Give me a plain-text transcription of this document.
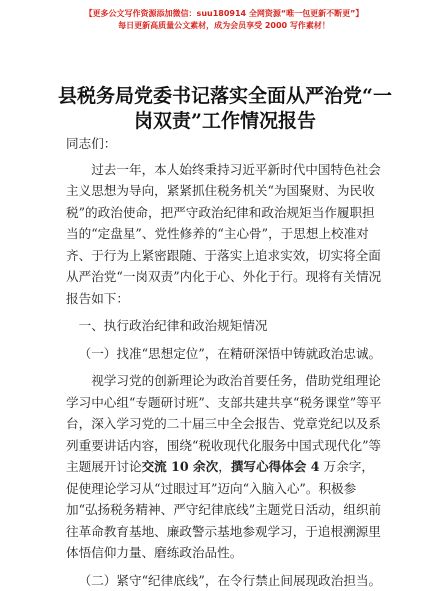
【更多公文写作资源添加微信：suu180914 全网资源“唯一包更新不断更”】
每日更新高质量公文素材，成为会员享受 2000 写作素材！
县税务局党委书记落实全面从严治党“一岗双责”工作情况报告

同志们：

过去一年，本人始终秉持习近平新时代中国特色社会主义思想为导向，紧紧抓住税务机关“为国聚财、为民收税”的政治使命，把严守政治纪律和政治规矩当作履职担当的“定盘星”、党性修养的“主心骨”，于思想上校准对齐、于行为上紧密跟随、于落实上追求实效，切实将全面从严治党“一岗双责”内化于心、外化于行。现将有关情况报告如下：

一、执行政治纪律和政治规矩情况

（一）找准“思想定位”，在精研深悟中铸就政治忠诚。

视学习党的创新理论为政治首要任务，借助党组理论学习中心组“专题研讨班”、支部共建共享“税务课堂”等平台，深入学习党的二十届三中全会报告、党章党纪以及系列重要讲话内容，围绕“税收现代化服务中国式现代化”等主题展开讨论交流 10 余次，撰写心得体会 4 万余字，促使理论学习从“过眼过耳”迈向“入脑入心”。积极参加“弘扬税务精神、严守纪律底线”主题党日活动，组织前往革命教育基地、廉政警示基地参观学习，于追根溯源里体悟信仰力量、磨练政治品性。

（二）紧守“纪律底线”，在令行禁止间展现政治担当。
